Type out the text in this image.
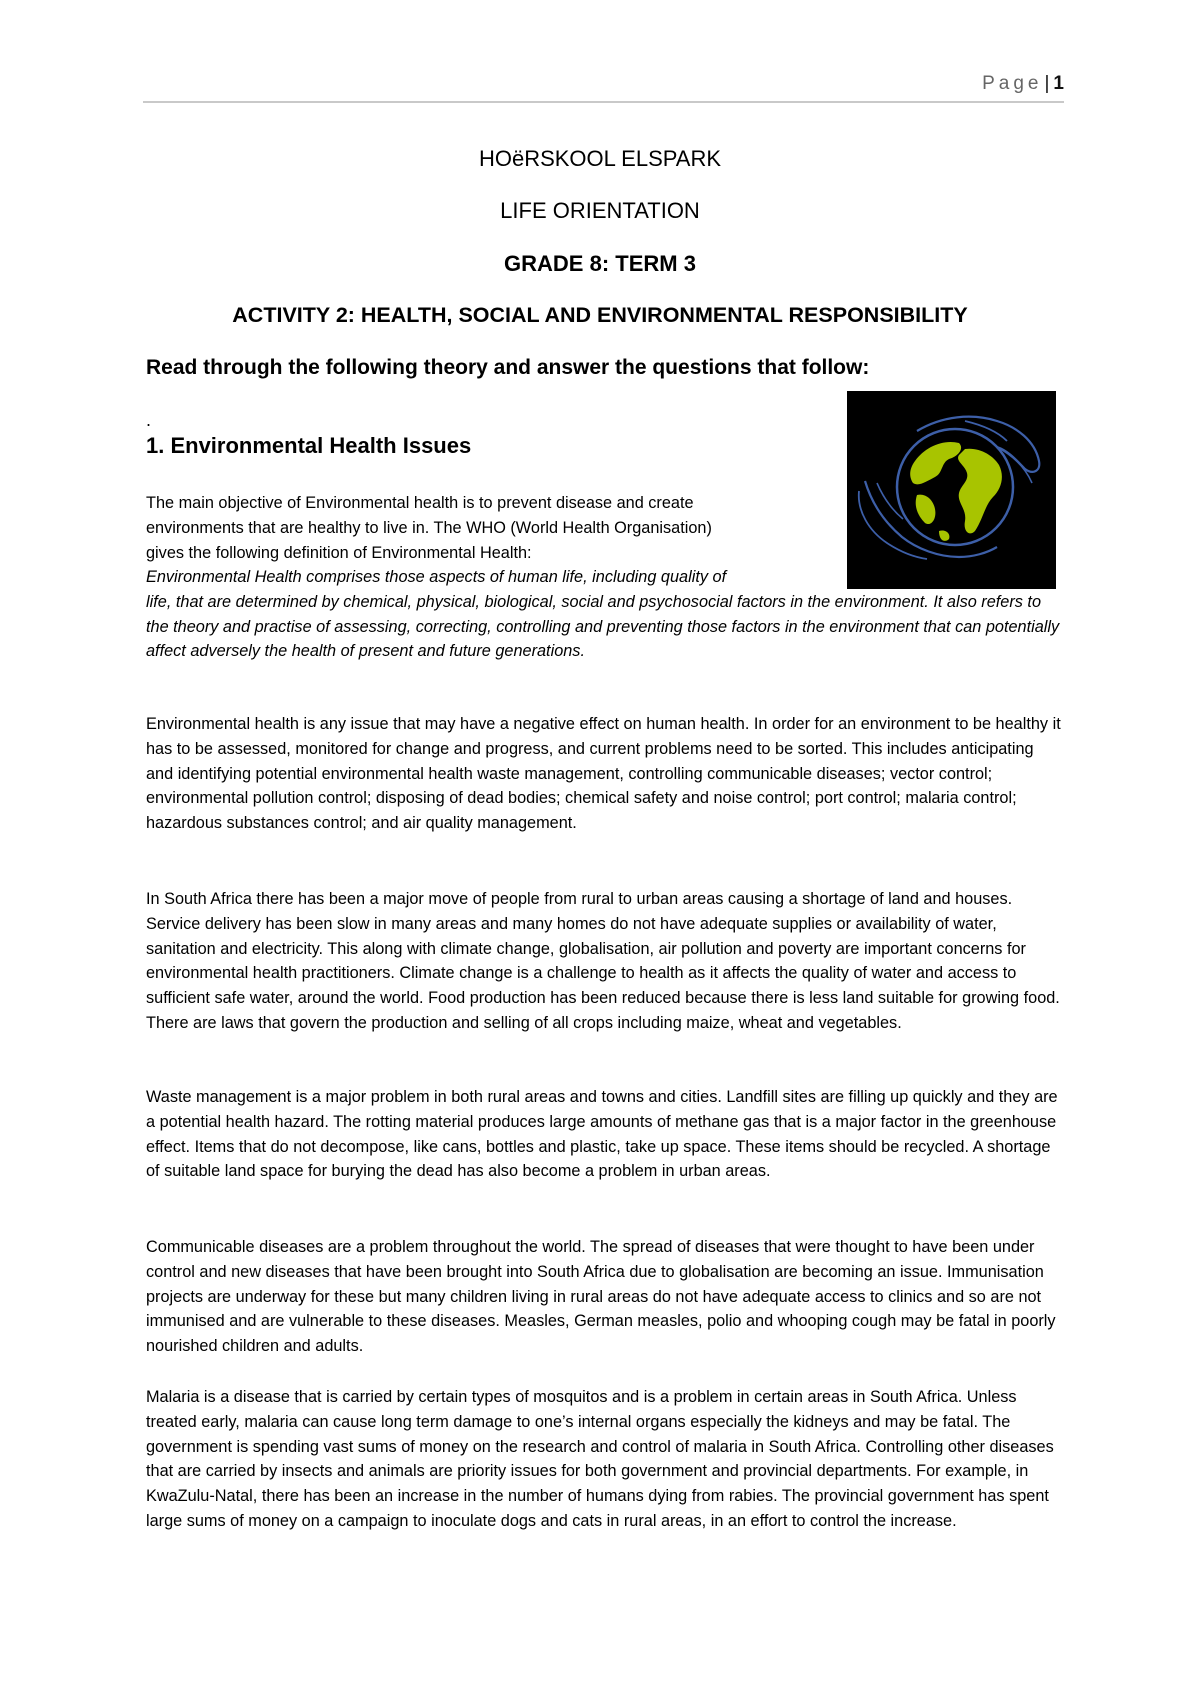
Page | 1
HOëRSKOOL ELSPARK
LIFE ORIENTATION
GRADE 8: TERM 3
ACTIVITY 2: HEALTH, SOCIAL AND ENVIRONMENTAL RESPONSIBILITY
Read through the following theory and answer the questions that follow:
.
1. Environmental Health Issues
The main objective of Environmental health is to prevent disease and create
environments that are healthy to live in. The WHO (World Health Organisation)
gives the following definition of Environmental Health:
Environmental Health comprises those aspects of human life, including quality of
life, that are determined by chemical, physical, biological, social and psychosocial factors in the environment. It also refers to the theory and practise of assessing, correcting, controlling and preventing those factors in the environment that can potentially affect adversely the health of present and future generations.

Environmental health is any issue that may have a negative effect on human health. In order for an environment to be healthy it has to be assessed, monitored for change and progress, and current problems need to be sorted. This includes anticipating and identifying potential environmental health waste management, controlling communicable diseases; vector control; environmental pollution control; disposing of dead bodies; chemical safety and noise control; port control; malaria control; hazardous substances control; and air quality management.

In South Africa there has been a major move of people from rural to urban areas causing a shortage of land and houses. Service delivery has been slow in many areas and many homes do not have adequate supplies or availability of water, sanitation and electricity. This along with climate change, globalisation, air pollution and poverty are important concerns for environmental health practitioners. Climate change is a challenge to health as it affects the quality of water and access to sufficient safe water, around the world. Food production has been reduced because there is less land suitable for growing food. There are laws that govern the production and selling of all crops including maize, wheat and vegetables.

Waste management is a major problem in both rural areas and towns and cities. Landfill sites are filling up quickly and they are a potential health hazard. The rotting material produces large amounts of methane gas that is a major factor in the greenhouse effect. Items that do not decompose, like cans, bottles and plastic, take up space. These items should be recycled. A shortage of suitable land space for burying the dead has also become a problem in urban areas.

Communicable diseases are a problem throughout the world. The spread of diseases that were thought to have been under control and new diseases that have been brought into South Africa due to globalisation are becoming an issue. Immunisation projects are underway for these but many children living in rural areas do not have adequate access to clinics and so are not immunised and are vulnerable to these diseases. Measles, German measles, polio and whooping cough may be fatal in poorly nourished children and adults.

Malaria is a disease that is carried by certain types of mosquitos and is a problem in certain areas in South Africa. Unless treated early, malaria can cause long term damage to one’s internal organs especially the kidneys and may be fatal. The government is spending vast sums of money on the research and control of malaria in South Africa. Controlling other diseases that are carried by insects and animals are priority issues for both government and provincial departments. For example, in KwaZulu-Natal, there has been an increase in the number of humans dying from rabies. The provincial government has spent large sums of money on a campaign to inoculate dogs and cats in rural areas, in an effort to control the increase.
